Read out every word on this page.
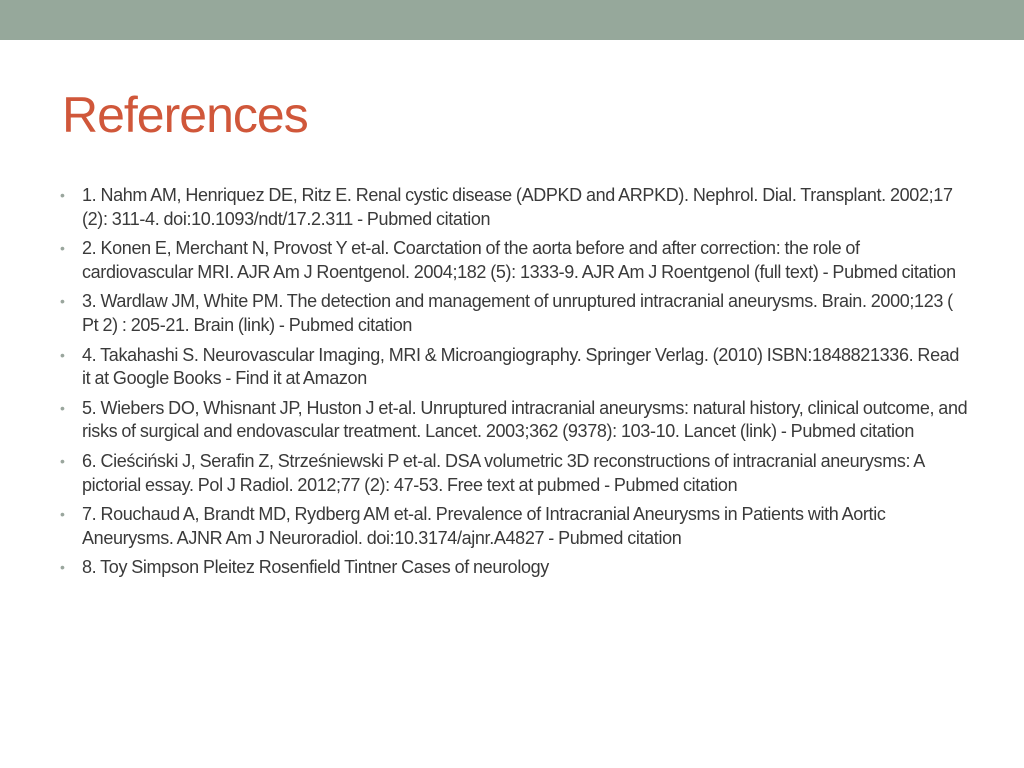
References
• 1. Nahm AM, Henriquez DE, Ritz E. Renal cystic disease (ADPKD and ARPKD). Nephrol. Dial. Transplant. 2002;17 (2): 311-4. doi:10.1093/ndt/17.2.311 - Pubmed citation
• 2. Konen E, Merchant N, Provost Y et-al. Coarctation of the aorta before and after correction: the role of cardiovascular MRI. AJR Am J Roentgenol. 2004;182 (5): 1333-9. AJR Am J Roentgenol (full text) - Pubmed citation
• 3. Wardlaw JM, White PM. The detection and management of unruptured intracranial aneurysms. Brain. 2000;123 ( Pt 2) : 205-21. Brain (link) - Pubmed citation
• 4. Takahashi S. Neurovascular Imaging, MRI & Microangiography. Springer Verlag. (2010) ISBN:1848821336. Read it at Google Books - Find it at Amazon
• 5. Wiebers DO, Whisnant JP, Huston J et-al. Unruptured intracranial aneurysms: natural history, clinical outcome, and risks of surgical and endovascular treatment. Lancet. 2003;362 (9378): 103-10. Lancet (link) - Pubmed citation
• 6. Cieściński J, Serafin Z, Strześniewski P et-al. DSA volumetric 3D reconstructions of intracranial aneurysms: A pictorial essay. Pol J Radiol. 2012;77 (2): 47-53. Free text at pubmed - Pubmed citation
• 7. Rouchaud A, Brandt MD, Rydberg AM et-al. Prevalence of Intracranial Aneurysms in Patients with Aortic Aneurysms. AJNR Am J Neuroradiol. doi:10.3174/ajnr.A4827 - Pubmed citation
• 8. Toy Simpson Pleitez Rosenfield Tintner Cases of neurology
